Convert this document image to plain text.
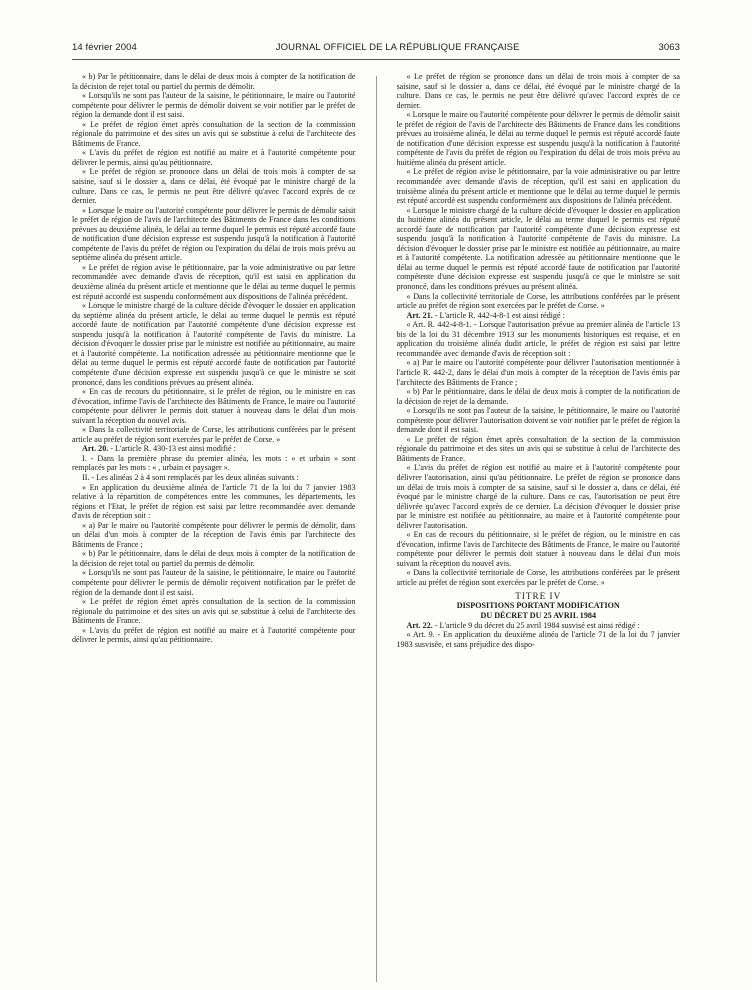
14 février 2004	JOURNAL OFFICIEL DE LA RÉPUBLIQUE FRANÇAISE	3063

« b) Par le pétitionnaire, dans le délai de deux mois à compter de la notification de la décision de rejet total ou partiel du permis de démolir.

« Lorsqu'ils ne sont pas l'auteur de la saisine, le pétitionnaire, le maire ou l'autorité compétente pour délivrer le permis de démolir doivent se voir notifier par le préfet de région la demande dont il est saisi.

« Le préfet de région émet après consultation de la section de la commission régionale du patrimoine et des sites un avis qui se substitue à celui de l'architecte des Bâtiments de France.

« L'avis du préfet de région est notifié au maire et à l'autorité compétente pour délivrer le permis, ainsi qu'au pétitionnaire.

« Le préfet de région se prononce dans un délai de trois mois à compter de sa saisine, sauf si le dossier a, dans ce délai, été évoqué par le ministre chargé de la culture. Dans ce cas, le permis ne peut être délivré qu'avec l'accord exprès de ce dernier.

« Lorsque le maire ou l'autorité compétente pour délivrer le permis de démolir saisit le préfet de région de l'avis de l'architecte des Bâtiments de France dans les conditions prévues au deuxième alinéa, le délai au terme duquel le permis est réputé accordé faute de notification d'une décision expresse est suspendu jusqu'à la notification à l'autorité compétente de l'avis du préfet de région ou l'expiration du délai de trois mois prévu au septième alinéa du présent article.

« Le préfet de région avise le pétitionnaire, par la voie administrative ou par lettre recommandée avec demande d'avis de réception, qu'il est saisi en application du deuxième alinéa du présent article et mentionne que le délai au terme duquel le permis est réputé accordé est suspendu conformément aux dispositions de l'alinéa précédent.

« Lorsque le ministre chargé de la culture décide d'évoquer le dossier en application du septième alinéa du présent article, le délai au terme duquel le permis est réputé accordé faute de notification par l'autorité compétente d'une décision expresse est suspendu jusqu'à la notification à l'autorité compétente de l'avis du ministre. La décision d'évoquer le dossier prise par le ministre est notifiée au pétitionnaire, au maire et à l'autorité compétente. La notification adressée au pétitionnaire mentionne que le délai au terme duquel le permis est réputé accordé faute de notification par l'autorité compétente d'une décision expresse est suspendu jusqu'à ce que le ministre se soit prononcé, dans les conditions prévues au présent alinéa.

« En cas de recours du pétitionnaire, si le préfet de région, ou le ministre en cas d'évocation, infirme l'avis de l'architecte des Bâtiments de France, le maire ou l'autorité compétente pour délivrer le permis doit statuer à nouveau dans le délai d'un mois suivant la réception du nouvel avis.

« Dans la collectivité territoriale de Corse, les attributions conférées par le présent article au préfet de région sont exercées par le préfet de Corse. »

Art. 20. - L'article R. 430-13 est ainsi modifié :

I. - Dans la première phrase du premier alinéa, les mots : « et urbain » sont remplacés par les mots : « , urbain et paysager ».

II. - Les alinéas 2 à 4 sont remplacés par les deux alinéas suivants :

« En application du deuxième alinéa de l'article 71 de la loi du 7 janvier 1983 relative à la répartition de compétences entre les communes, les départements, les régions et l'Etat, le préfet de région est saisi par lettre recommandée avec demande d'avis de réception soit :

« a) Par le maire ou l'autorité compétente pour délivrer le permis de démolir, dans un délai d'un mois à compter de la réception de l'avis émis par l'architecte des Bâtiments de France ;

« b) Par le pétitionnaire, dans le délai de deux mois à compter de la notification de la décision de rejet total ou partiel du permis de démolir.

« Lorsqu'ils ne sont pas l'auteur de la saisine, le pétitionnaire, le maire ou l'autorité compétente pour délivrer le permis de démolir reçoivent notification par le préfet de région de la demande dont il est saisi.

« Le préfet de région émet après consultation de la section de la commission régionale du patrimoine et des sites un avis qui se substitue à celui de l'architecte des Bâtiments de France.

« L'avis du préfet de région est notifié au maire et à l'autorité compétente pour délivrer le permis, ainsi qu'au pétitionnaire.

« Le préfet de région se prononce dans un délai de trois mois à compter de sa saisine, sauf si le dossier a, dans ce délai, été évoqué par le ministre chargé de la culture. Dans ce cas, le permis ne peut être délivré qu'avec l'accord exprès de ce dernier.

« Lorsque le maire ou l'autorité compétente pour délivrer le permis de démolir saisit le préfet de région de l'avis de l'architecte des Bâtiments de France dans les conditions prévues au troisième alinéa, le délai au terme duquel le permis est réputé accordé faute de notification d'une décision expresse est suspendu jusqu'à la notification à l'autorité compétente de l'avis du préfet de région ou l'expiration du délai de trois mois prévu au huitième alinéa du présent article.

« Le préfet de région avise le pétitionnaire, par la voie administrative ou par lettre recommandée avec demande d'avis de réception, qu'il est saisi en application du troisième alinéa du présent article et mentionne que le délai au terme duquel le permis est réputé accordé est suspendu conformément aux dispositions de l'alinéa précédent.

« Lorsque le ministre chargé de la culture décide d'évoquer le dossier en application du huitième alinéa du présent article, le délai au terme duquel le permis est réputé accordé faute de notification par l'autorité compétente d'une décision expresse est suspendu jusqu'à la notification à l'autorité compétente de l'avis du ministre. La décision d'évoquer le dossier prise par le ministre est notifiée au pétitionnaire, au maire et à l'autorité compétente. La notification adressée au pétitionnaire mentionne que le délai au terme duquel le permis est réputé accordé faute de notification par l'autorité compétente d'une décision expresse est suspendu jusqu'à ce que le ministre se soit prononcé, dans les conditions prévues au présent alinéa.

« Dans la collectivité territoriale de Corse, les attributions conférées par le présent article au préfet de région sont exercées par le préfet de Corse. »

Art. 21. - L'article R. 442-4-8-1 est ainsi rédigé :

« Art. R. 442-4-8-1. - Lorsque l'autorisation prévue au premier alinéa de l'article 13 bis de la loi du 31 décembre 1913 sur les monuments historiques est requise, et en application du troisième alinéa dudit article, le préfet de région est saisi par lettre recommandée avec demande d'avis de réception soit :

« a) Par le maire ou l'autorité compétente pour délivrer l'autorisation mentionnée à l'article R. 442-2, dans le délai d'un mois à compter de la réception de l'avis émis par l'architecte des Bâtiments de France ;

« b) Par le pétitionnaire, dans le délai de deux mois à compter de la notification de la décision de rejet de la demande.

« Lorsqu'ils ne sont pas l'auteur de la saisine, le pétitionnaire, le maire ou l'autorité compétente pour délivrer l'autorisation doivent se voir notifier par le préfet de région la demande dont il est saisi.

« Le préfet de région émet après consultation de la section de la commission régionale du patrimoine et des sites un avis qui se substitue à celui de l'architecte des Bâtiments de France.

« L'avis du préfet de région est notifié au maire et à l'autorité compétente pour délivrer l'autorisation, ainsi qu'au pétitionnaire. Le préfet de région se prononce dans un délai de trois mois à compter de sa saisine, sauf si le dossier a, dans ce délai, été évoqué par le ministre chargé de la culture. Dans ce cas, l'autorisation ne peut être délivrée qu'avec l'accord exprès de ce dernier. La décision d'évoquer le dossier prise par le ministre est notifiée au pétitionnaire, au maire et à l'autorité compétente pour délivrer l'autorisation.

« En cas de recours du pétitionnaire, si le préfet de région, ou le ministre en cas d'évocation, infirme l'avis de l'architecte des Bâtiments de France, le maire ou l'autorité compétente pour délivrer le permis doit statuer à nouveau dans le délai d'un mois suivant la réception du nouvel avis.

« Dans la collectivité territoriale de Corse, les attributions conférées par le présent article au préfet de région sont exercées par le préfet de Corse. »

TITRE IV

DISPOSITIONS PORTANT MODIFICATION

DU DÉCRET DU 25 AVRIL 1984

Art. 22. - L'article 9 du décret du 25 avril 1984 susvisé est ainsi rédigé :

« Art. 9. - En application du deuxième alinéa de l'article 71 de la loi du 7 janvier 1983 susvisée, et sans préjudice des dispo-
